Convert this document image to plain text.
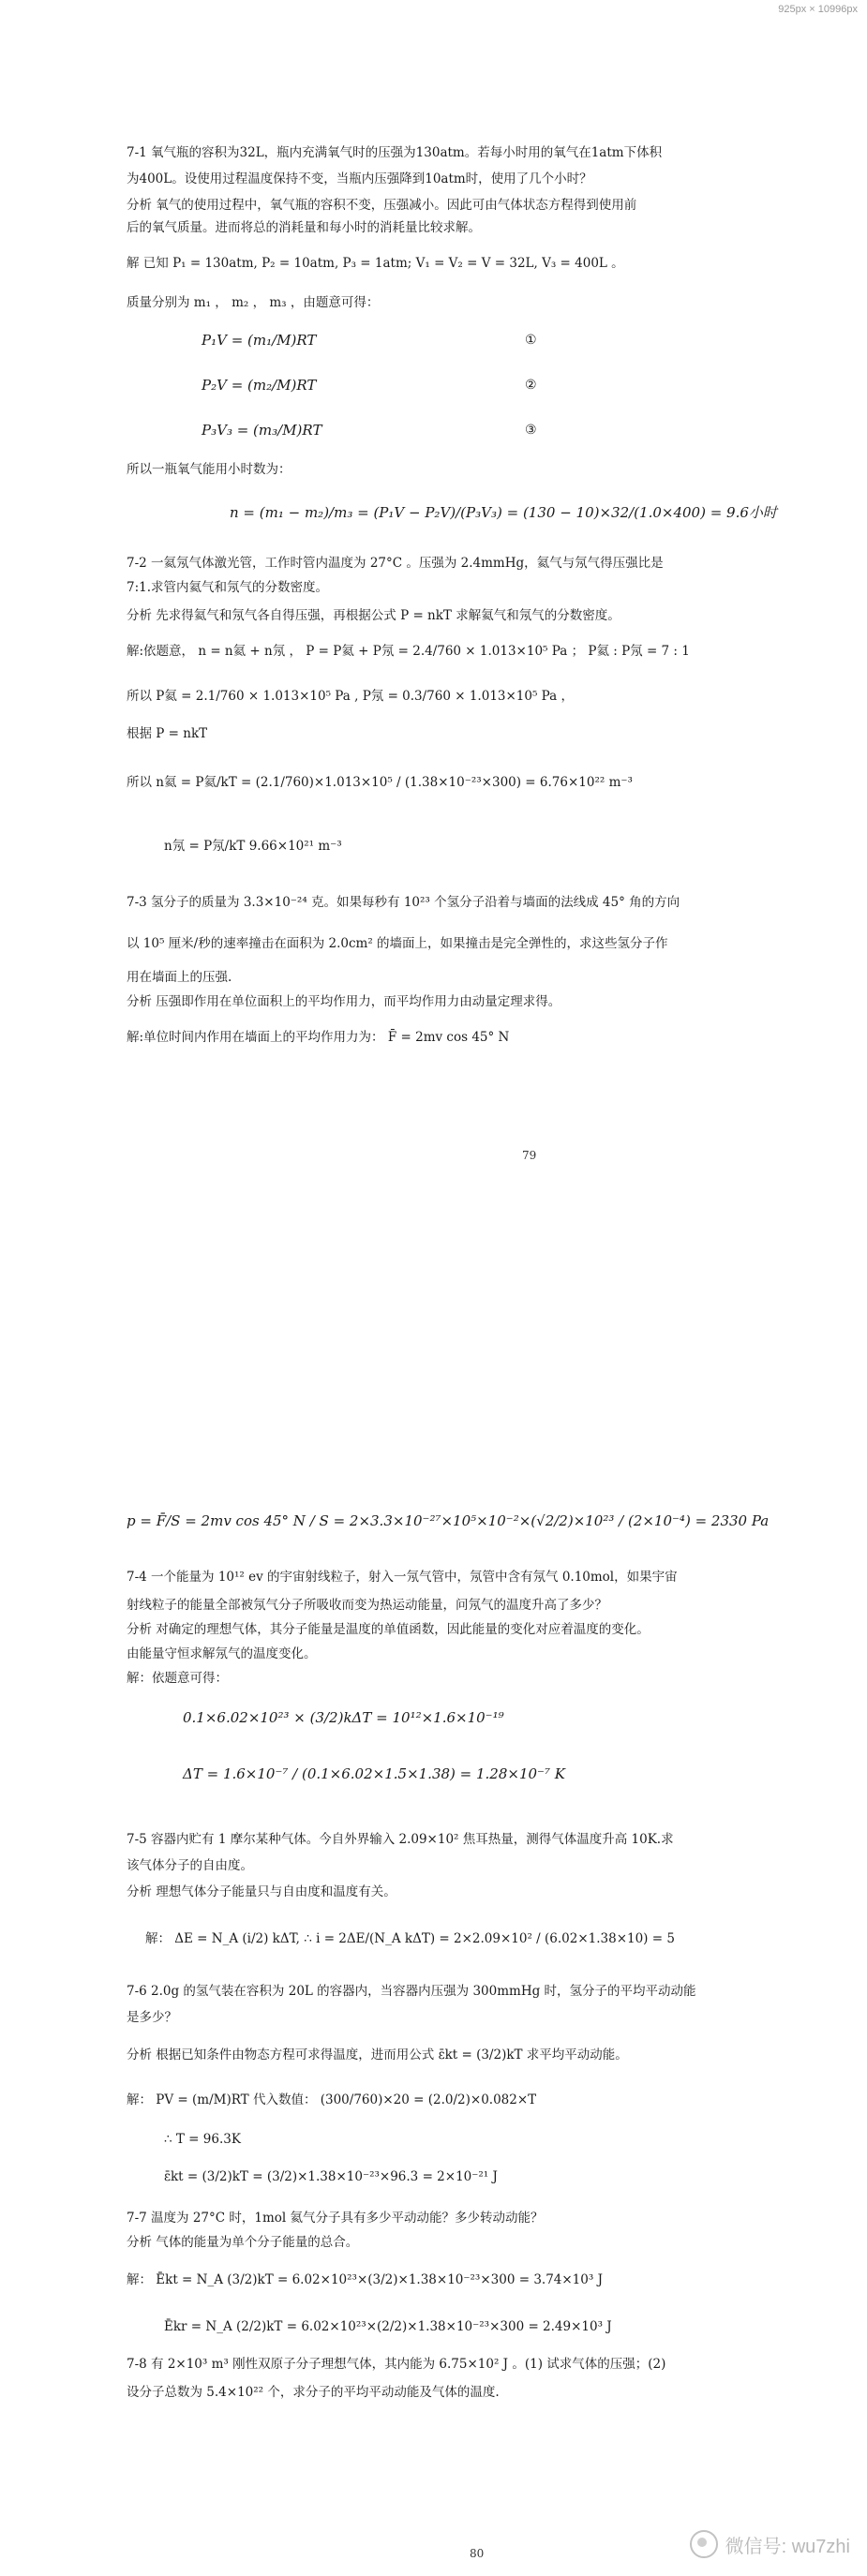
925px × 10996px
7-1 氧气瓶的容积为32L，瓶内充满氧气时的压强为130atm。若每小时用的氧气在1atm下体积
为400L。设使用过程温度保持不变，当瓶内压强降到10atm时，使用了几个小时？
分析 氧气的使用过程中，氧气瓶的容积不变，压强减小。因此可由气体状态方程得到使用前
后的氧气质量。进而将总的消耗量和每小时的消耗量比较求解。
解 已知 P₁ = 130atm, P₂ = 10atm, P₃ = 1atm; V₁ = V₂ = V = 32L, V₃ = 400L 。
质量分别为 m₁ ， m₂ ， m₃ ，由题意可得：
P₁V = (m₁/M)RT	①
P₂V = (m₂/M)RT	②
P₃V₃ = (m₃/M)RT	③
所以一瓶氧气能用小时数为：
n = (m₁ − m₂)/m₃ = (P₁V − P₂V)/(P₃V₃) = (130 − 10)×32/(1.0×400) = 9.6小时
7-2 一氦氖气体激光管，工作时管内温度为 27°C 。压强为 2.4mmHg，氦气与氖气得压强比是
7:1.求管内氦气和氖气的分数密度。
分析 先求得氦气和氖气各自得压强，再根据公式 P = nkT 求解氦气和氖气的分数密度。
解:依题意， n = n氦 + n氖 ， P = P氦 + P氖 = 2.4/760 × 1.013×10⁵ Pa ； P氦 : P氖 = 7 : 1
所以 P氦 = 2.1/760 × 1.013×10⁵ Pa , P氖 = 0.3/760 × 1.013×10⁵ Pa ，
根据 P = nkT
所以 n氦 = P氦/kT = (2.1/760)×1.013×10⁵ / (1.38×10⁻²³×300) = 6.76×10²² m⁻³
n氖 = P氖/kT 9.66×10²¹ m⁻³
7-3 氢分子的质量为 3.3×10⁻²⁴ 克。如果每秒有 10²³ 个氢分子沿着与墙面的法线成 45° 角的方向
以 10⁵ 厘米/秒的速率撞击在面积为 2.0cm² 的墙面上，如果撞击是完全弹性的，求这些氢分子作
用在墙面上的压强.
分析 压强即作用在单位面积上的平均作用力，而平均作用力由动量定理求得。
解:单位时间内作用在墙面上的平均作用力为： F̄ = 2mv cos 45° N
79
p = F̄/S = 2mv cos 45° N / S = 2×3.3×10⁻²⁷×10⁵×10⁻²×(√2/2)×10²³ / (2×10⁻⁴) = 2330 Pa
7-4 一个能量为 10¹² ev 的宇宙射线粒子，射入一氖气管中，氖管中含有氖气 0.10mol，如果宇宙
射线粒子的能量全部被氖气分子所吸收而变为热运动能量，问氖气的温度升高了多少？
分析 对确定的理想气体，其分子能量是温度的单值函数，因此能量的变化对应着温度的变化。
由能量守恒求解氖气的温度变化。
解：依题意可得：
0.1×6.02×10²³ × (3/2)kΔT = 10¹²×1.6×10⁻¹⁹
ΔT = 1.6×10⁻⁷ / (0.1×6.02×1.5×1.38) = 1.28×10⁻⁷ K
7-5 容器内贮有 1 摩尔某种气体。今自外界输入 2.09×10² 焦耳热量，测得气体温度升高 10K.求
该气体分子的自由度。
分析 理想气体分子能量只与自由度和温度有关。
解： ΔE = N_A (i/2) kΔT, ∴ i = 2ΔE/(N_A kΔT) = 2×2.09×10² / (6.02×1.38×10) = 5
7-6 2.0g 的氢气装在容积为 20L 的容器内，当容器内压强为 300mmHg 时，氢分子的平均平动动能
是多少？
分析 根据已知条件由物态方程可求得温度，进而用公式 ε̄kt = (3/2)kT 求平均平动动能。
解： PV = (m/M)RT 代入数值： (300/760)×20 = (2.0/2)×0.082×T
∴ T = 96.3K
ε̄kt = (3/2)kT = (3/2)×1.38×10⁻²³×96.3 = 2×10⁻²¹ J
7-7 温度为 27°C 时，1mol 氦气分子具有多少平动动能？多少转动动能？
分析 气体的能量为单个分子能量的总合。
解： Ēkt = N_A (3/2)kT = 6.02×10²³×(3/2)×1.38×10⁻²³×300 = 3.74×10³ J
Ēkr = N_A (2/2)kT = 6.02×10²³×(2/2)×1.38×10⁻²³×300 = 2.49×10³ J
7-8 有 2×10³ m³ 刚性双原子分子理想气体，其内能为 6.75×10² J 。(1) 试求气体的压强；(2)
设分子总数为 5.4×10²² 个，求分子的平均平动动能及气体的温度.
80	微信号: wu7zhi
